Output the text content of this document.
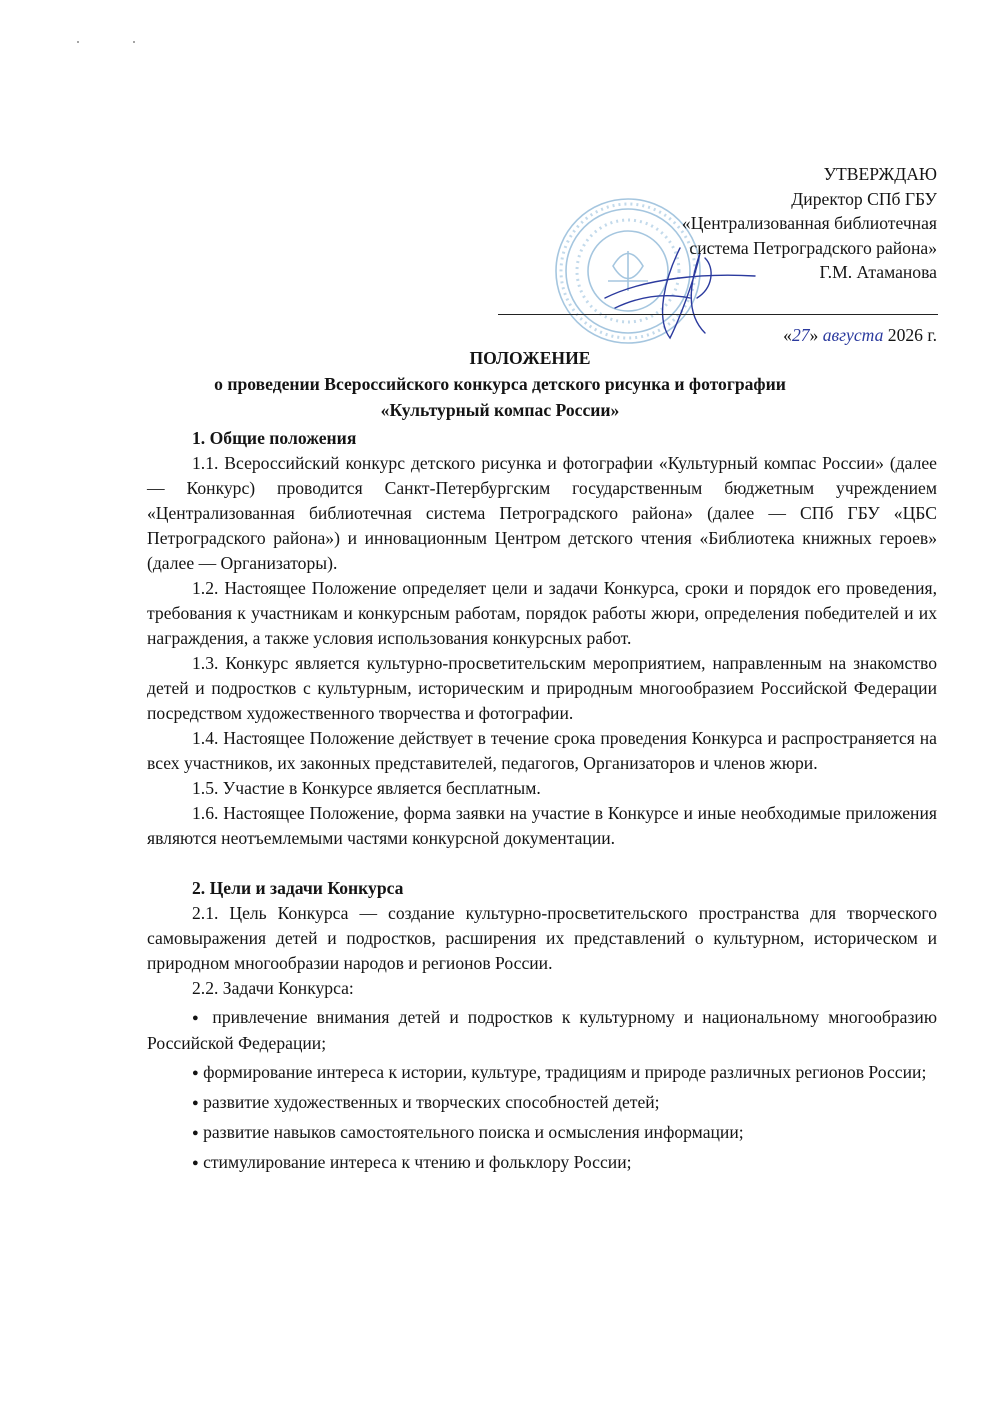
УТВЕРЖДАЮ
Директор СПб ГБУ
«Централизованная библиотечная
система Петроградского района»
Г.М. Атаманова
«27» августа 2026 г.
ПОЛОЖЕНИЕ
о проведении Всероссийского конкурса детского рисунка и фотографии
«Культурный компас России»

1. Общие положения

1.1. Всероссийский конкурс детского рисунка и фотографии «Культурный компас России» (далее — Конкурс) проводится Санкт-Петербургским государственным бюджетным учреждением «Централизованная библиотечная система Петроградского района» (далее — СПб ГБУ «ЦБС Петроградского района») и инновационным Центром детского чтения «Библиотека книжных героев» (далее — Организаторы).

1.2. Настоящее Положение определяет цели и задачи Конкурса, сроки и порядок его проведения, требования к участникам и конкурсным работам, порядок работы жюри, определения победителей и их награждения, а также условия использования конкурсных работ.

1.3. Конкурс является культурно-просветительским мероприятием, направленным на знакомство детей и подростков с культурным, историческим и природным многообразием Российской Федерации посредством художественного творчества и фотографии.

1.4. Настоящее Положение действует в течение срока проведения Конкурса и распространяется на всех участников, их законных представителей, педагогов, Организаторов и членов жюри.

1.5. Участие в Конкурсе является бесплатным.

1.6. Настоящее Положение, форма заявки на участие в Конкурсе и иные необходимые приложения являются неотъемлемыми частями конкурсной документации.

2. Цели и задачи Конкурса

2.1. Цель Конкурса — создание культурно-просветительского пространства для творческого самовыражения детей и подростков, расширения их представлений о культурном, историческом и природном многообразии народов и регионов России.

2.2. Задачи Конкурса:

● привлечение внимания детей и подростков к культурному и национальному многообразию Российской Федерации;

● формирование интереса к истории, культуре, традициям и природе различных регионов России;

● развитие художественных и творческих способностей детей;

● развитие навыков самостоятельного поиска и осмысления информации;

● стимулирование интереса к чтению и фольклору России;
